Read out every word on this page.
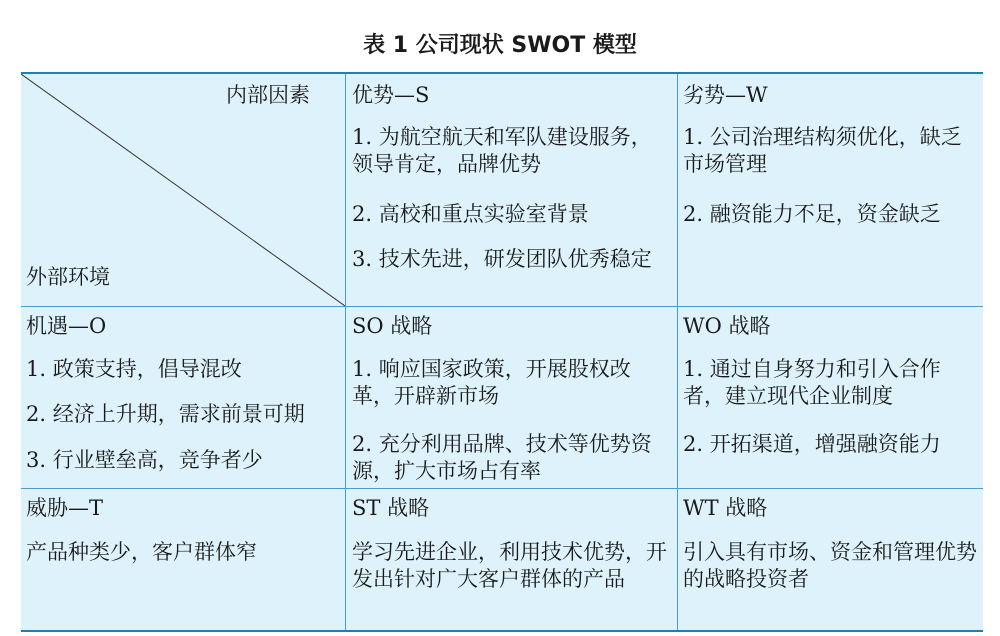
表 1 公司现状 SWOT 模型
内部因素
外部环境
优势—S
1. 为航空航天和军队建设服务，领导肯定，品牌优势
2. 高校和重点实验室背景
3. 技术先进，研发团队优秀稳定
劣势—W
1. 公司治理结构须优化，缺乏市场管理
2. 融资能力不足，资金缺乏
机遇—O
1. 政策支持，倡导混改
2. 经济上升期，需求前景可期
3. 行业壁垒高，竞争者少
SO 战略
1. 响应国家政策，开展股权改革，开辟新市场
2. 充分利用品牌、技术等优势资源，扩大市场占有率
WO 战略
1. 通过自身努力和引入合作者，建立现代企业制度
2. 开拓渠道，增强融资能力
威胁—T
产品种类少，客户群体窄
ST 战略
学习先进企业，利用技术优势，开发出针对广大客户群体的产品
WT 战略
引入具有市场、资金和管理优势的战略投资者
